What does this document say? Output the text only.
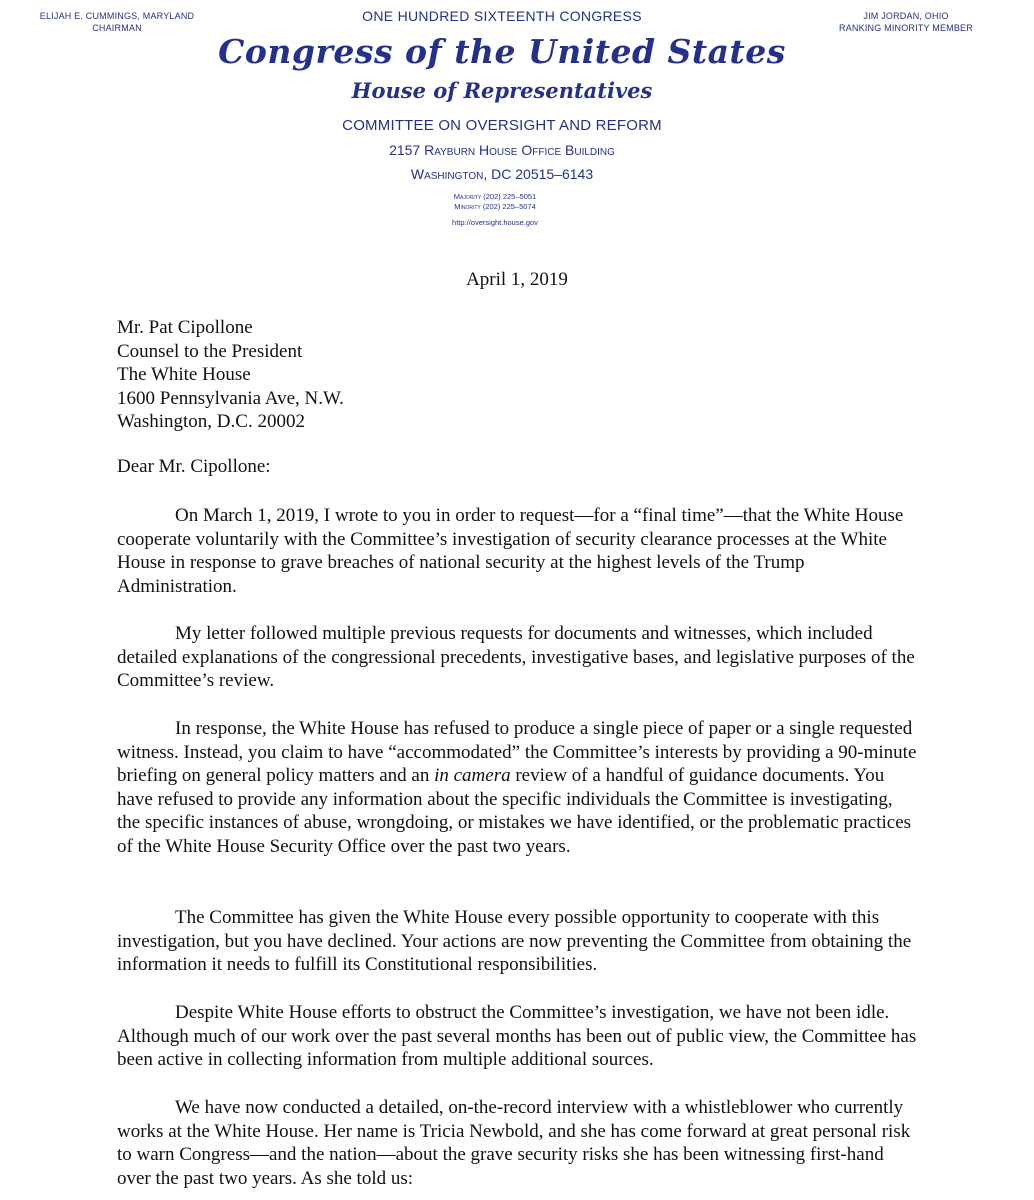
ELIJAH E. CUMMINGS, MARYLAND
CHAIRMAN
JIM JORDAN, OHIO
RANKING MINORITY MEMBER
ONE HUNDRED SIXTEENTH CONGRESS
Congress of the United States
House of Representatives
COMMITTEE ON OVERSIGHT AND REFORM
2157 Rayburn House Office Building
Washington, DC 20515–6143
Majority (202) 225–5051
Minority (202) 225–5074
http://oversight.house.gov
April 1, 2019
Mr. Pat Cipollone
Counsel to the President
The White House
1600 Pennsylvania Ave, N.W.
Washington, D.C. 20002
Dear Mr. Cipollone:

On March 1, 2019, I wrote to you in order to request—for a “final time”—that the White House cooperate voluntarily with the Committee’s investigation of security clearance processes at the White House in response to grave breaches of national security at the highest levels of the Trump Administration.

My letter followed multiple previous requests for documents and witnesses, which included detailed explanations of the congressional precedents, investigative bases, and legislative purposes of the Committee’s review.

In response, the White House has refused to produce a single piece of paper or a single requested witness. Instead, you claim to have “accommodated” the Committee’s interests by providing a 90-minute briefing on general policy matters and an in camera review of a handful of guidance documents. You have refused to provide any information about the specific individuals the Committee is investigating, the specific instances of abuse, wrongdoing, or mistakes we have identified, or the problematic practices of the White House Security Office over the past two years.

The Committee has given the White House every possible opportunity to cooperate with this investigation, but you have declined. Your actions are now preventing the Committee from obtaining the information it needs to fulfill its Constitutional responsibilities.

Despite White House efforts to obstruct the Committee’s investigation, we have not been idle. Although much of our work over the past several months has been out of public view, the Committee has been active in collecting information from multiple additional sources.

We have now conducted a detailed, on-the-record interview with a whistleblower who currently works at the White House. Her name is Tricia Newbold, and she has come forward at great personal risk to warn Congress—and the nation—about the grave security risks she has been witnessing first-hand over the past two years. As she told us:
